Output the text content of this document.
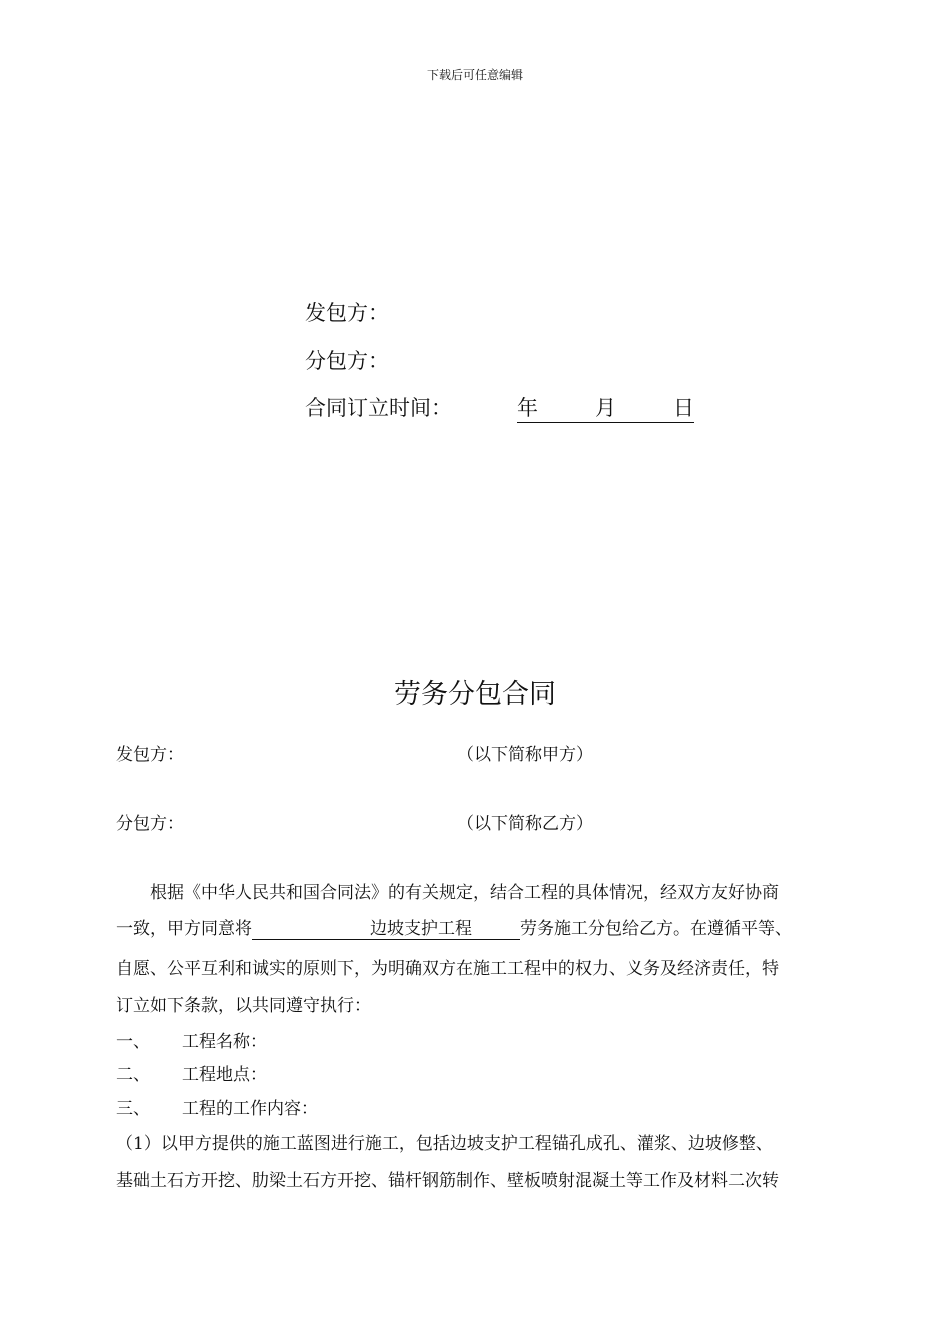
下载后可任意编辑
发包方：
分包方：
合同订立时间：	年	月	日
劳务分包合同
发包方：	（以下简称甲方）
分包方：	（以下简称乙方）
根据《中华人民共和国合同法》的有关规定，结合工程的具体情况，经双方友好协商
一致，甲方同意将	边坡支护工程	劳务施工分包给乙方。在遵循平等、
自愿、公平互利和诚实的原则下，为明确双方在施工工程中的权力、义务及经济责任，特
订立如下条款，以共同遵守执行：
一、 工程名称：
二、 工程地点：
三、 工程的工作内容：
（1）以甲方提供的施工蓝图进行施工，包括边坡支护工程锚孔成孔、灌浆、边坡修整、
基础土石方开挖、肋梁土石方开挖、锚杆钢筋制作、壁板喷射混凝土等工作及材料二次转
